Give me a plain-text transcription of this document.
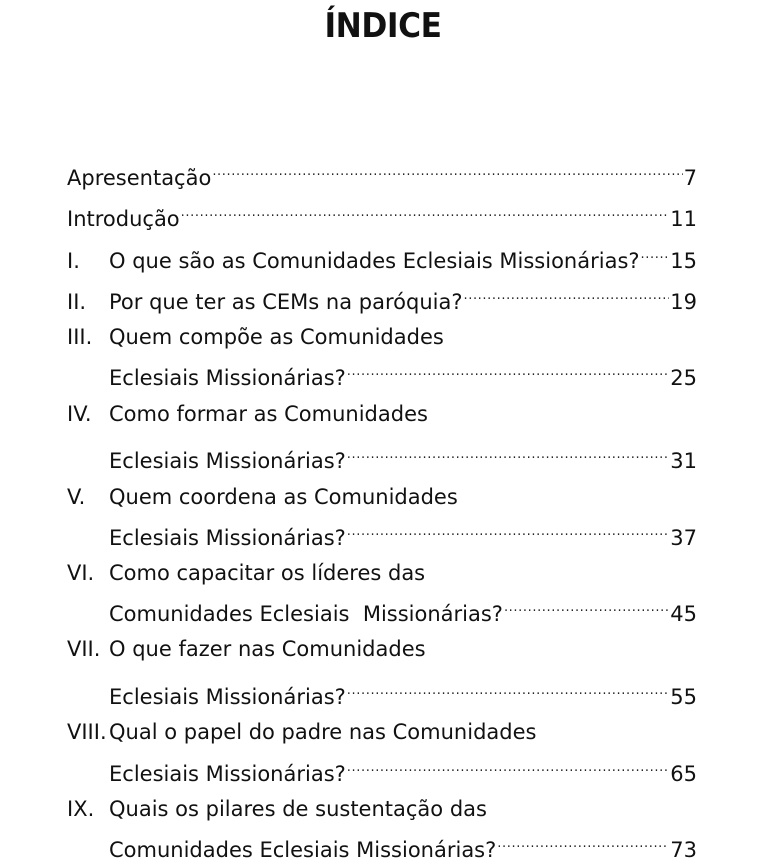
ÍNDICE
Apresentação .....	7
Introdução .....	11
I.	O que são as Comunidades Eclesiais Missionárias? ..... 15
II.	Por que ter as CEMs na paróquia? .....	19
III. Quem compõe as Comunidades
Eclesiais Missionárias? .....	25
IV. Como formar as Comunidades
Eclesiais Missionárias? .....	31
V.	Quem coordena as Comunidades
Eclesiais Missionárias? .....	37
VI. Como capacitar os líderes das
Comunidades Eclesiais  Missionárias? .....	45
VII. O que fazer nas Comunidades
Eclesiais Missionárias? .....	55
VIII. Qual o papel do padre nas Comunidades
Eclesiais Missionárias? .....	65
IX. Quais os pilares de sustentação das
Comunidades Eclesiais Missionárias? .....	73
